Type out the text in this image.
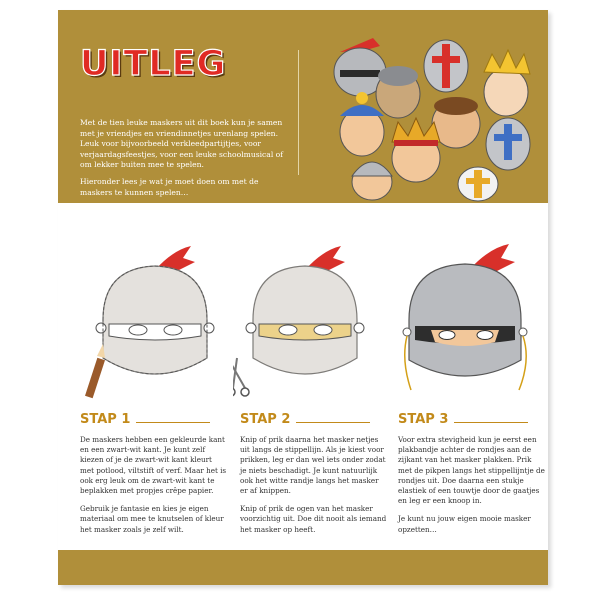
UITLEG

Met de tien leuke maskers uit dit boek kun je samen met je vriendjes en vriendinnetjes urenlang spelen. Leuk voor bijvoorbeeld verkleedpartijtjes, voor verjaardagsfeestjes, voor een leuke schoolmusical of om lekker buiten mee te spelen.

Hieronder lees je wat je moet doen om met de maskers te kunnen spelen…

STAP 1	STAP 2	STAP 3

De maskers hebben een gekleurde kant en een zwart-wit kant. Je kunt zelf kiezen of je de zwart-wit kant kleurt met potlood, viltstift of verf. Maar het is ook erg leuk om de zwart-wit kant te beplakken met propjes crêpe papier.

Gebruik je fantasie en kies je eigen materiaal om mee te knutselen of kleur het masker zoals je zelf wilt.

Knip of prik daarna het masker netjes uit langs de stippellijn. Als je kiest voor prikken, leg er dan wel iets onder zodat je niets beschadigt. Je kunt natuurlijk ook het witte randje langs het masker er af knippen.

Knip of prik de ogen van het masker voorzichtig uit. Doe dit nooit als iemand het masker op heeft.

Voor extra stevigheid kun je eerst een plakbandje achter de rondjes aan de zijkant van het masker plakken. Prik met de pikpen langs het stippellijntje de rondjes uit. Doe daarna een stukje elastiek of een touwtje door de gaatjes en leg er een knoop in.

Je kunt nu jouw eigen mooie masker opzetten…
